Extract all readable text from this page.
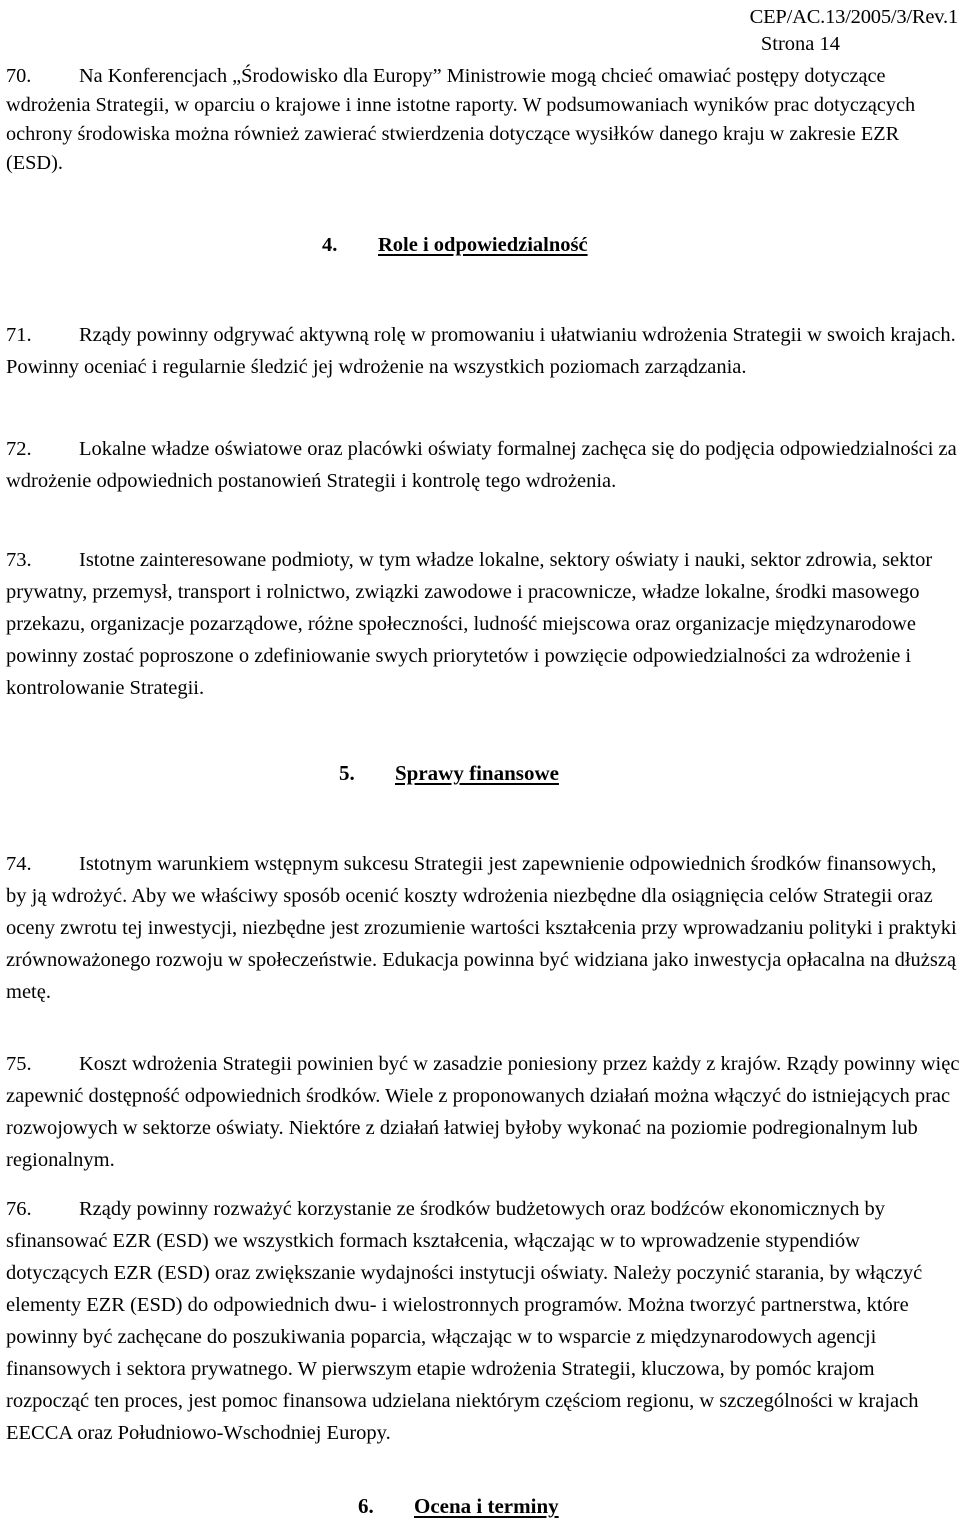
CEP/AC.13/2005/3/Rev.1
Strona 14
70. Na Konferencjach „Środowisko dla Europy” Ministrowie mogą chcieć omawiać postępy dotyczące wdrożenia Strategii, w oparciu o krajowe i inne istotne raporty. W podsumowaniach wyników prac dotyczących ochrony środowiska można również zawierać stwierdzenia dotyczące wysiłków danego kraju w zakresie EZR (ESD).
4. Role i odpowiedzialność
71. Rządy powinny odgrywać aktywną rolę w promowaniu i ułatwianiu wdrożenia Strategii w swoich krajach. Powinny oceniać i regularnie śledzić jej wdrożenie na wszystkich poziomach zarządzania.
72. Lokalne władze oświatowe oraz placówki oświaty formalnej zachęca się do podjęcia odpowiedzialności za wdrożenie odpowiednich postanowień Strategii i kontrolę tego wdrożenia.
73. Istotne zainteresowane podmioty, w tym władze lokalne, sektory oświaty i nauki, sektor zdrowia, sektor prywatny, przemysł, transport i rolnictwo, związki zawodowe i pracownicze, władze lokalne, środki masowego przekazu, organizacje pozarządowe, różne społeczności, ludność miejscowa oraz organizacje międzynarodowe powinny zostać poproszone o zdefiniowanie swych priorytetów i powzięcie odpowiedzialności za wdrożenie i kontrolowanie Strategii.
5. Sprawy finansowe
74. Istotnym warunkiem wstępnym sukcesu Strategii jest zapewnienie odpowiednich środków finansowych, by ją wdrożyć. Aby we właściwy sposób ocenić koszty wdrożenia niezbędne dla osiągnięcia celów Strategii oraz oceny zwrotu tej inwestycji, niezbędne jest zrozumienie wartości kształcenia przy wprowadzaniu polityki i praktyki zrównoważonego rozwoju w społeczeństwie. Edukacja powinna być widziana jako inwestycja opłacalna na dłuższą metę.
75. Koszt wdrożenia Strategii powinien być w zasadzie poniesiony przez każdy z krajów. Rządy powinny więc zapewnić dostępność odpowiednich środków. Wiele z proponowanych działań można włączyć do istniejących prac rozwojowych w sektorze oświaty. Niektóre z działań łatwiej byłoby wykonać na poziomie podregionalnym lub regionalnym.
76. Rządy powinny rozważyć korzystanie ze środków budżetowych oraz bodźców ekonomicznych by sfinansować EZR (ESD) we wszystkich formach kształcenia, włączając w to wprowadzenie stypendiów dotyczących EZR (ESD) oraz zwiększanie wydajności instytucji oświaty. Należy poczynić starania, by włączyć elementy EZR (ESD) do odpowiednich dwu- i wielostronnych programów. Można tworzyć partnerstwa, które powinny być zachęcane do poszukiwania poparcia, włączając w to wsparcie z międzynarodowych agencji finansowych i sektora prywatnego. W pierwszym etapie wdrożenia Strategii, kluczowa, by pomóc krajom rozpocząć ten proces, jest pomoc finansowa udzielana niektórym częściom regionu, w szczególności w krajach EECCA oraz Południowo-Wschodniej Europy.
6. Ocena i terminy
